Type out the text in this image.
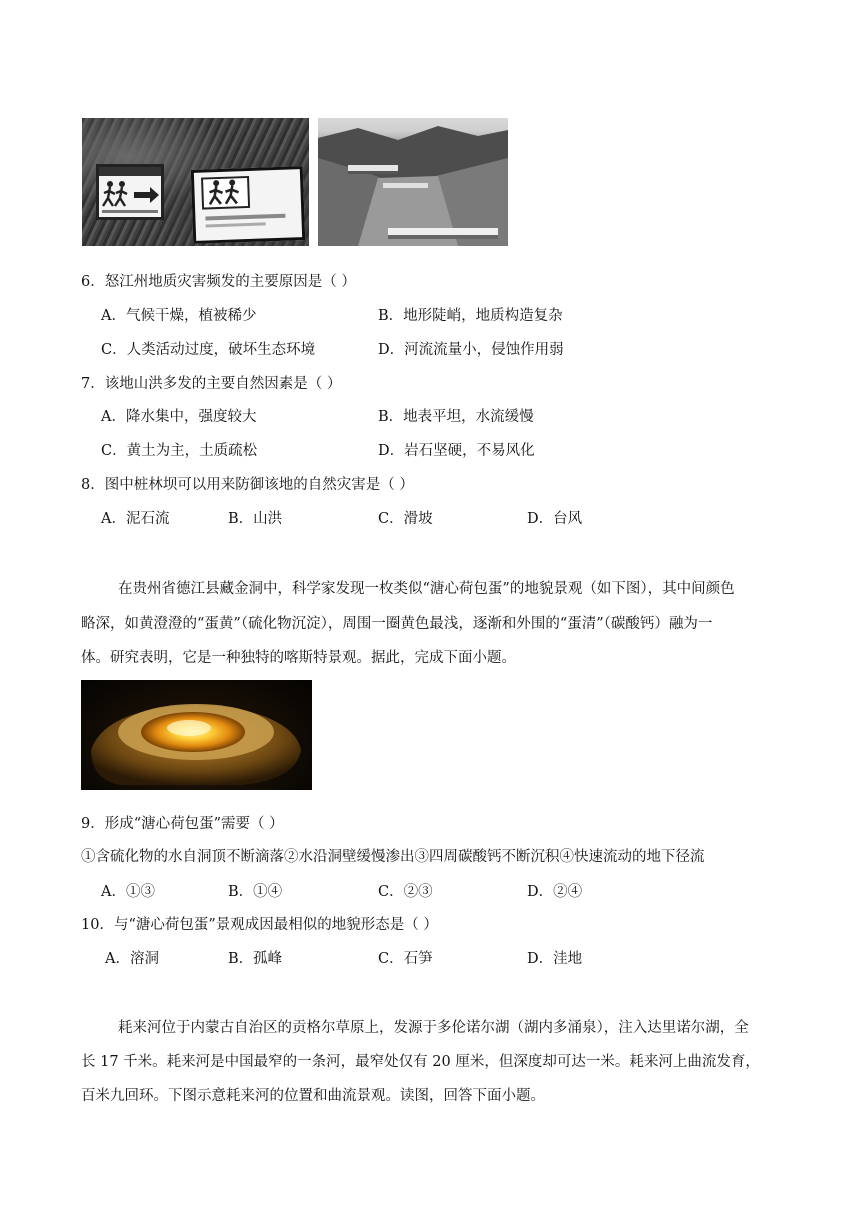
6．怒江州地质灾害频发的主要原因是（ ）
A．气候干燥，植被稀少	B．地形陡峭，地质构造复杂
C．人类活动过度，破坏生态环境	D．河流流量小，侵蚀作用弱
7．该地山洪多发的主要自然因素是（ ）
A．降水集中，强度较大	B．地表平坦，水流缓慢
C．黄土为主，土质疏松	D．岩石坚硬，不易风化
8．图中桩林坝可以用来防御该地的自然灾害是（ ）
A．泥石流	B．山洪	C．滑坡	D．台风
在贵州省德江县藏金洞中，科学家发现一枚类似“溏心荷包蛋”的地貌景观（如下图），其中间颜色
略深，如黄澄澄的“蛋黄”（硫化物沉淀），周围一圈黄色最浅，逐渐和外围的“蛋清”（碳酸钙）融为一
体。研究表明，它是一种独特的喀斯特景观。据此，完成下面小题。
9．形成“溏心荷包蛋”需要（ ）
①含硫化物的水自洞顶不断滴落②水沿洞壁缓慢渗出③四周碳酸钙不断沉积④快速流动的地下径流
A．①③	B．①④	C．②③	D．②④
10．与“溏心荷包蛋”景观成因最相似的地貌形态是（ ）
A．溶洞	B．孤峰	C．石笋	D．洼地
耗来河位于内蒙古自治区的贡格尔草原上，发源于多伦诺尔湖（湖内多涌泉），注入达里诺尔湖，全
长 17 千米。耗来河是中国最窄的一条河，最窄处仅有 20 厘米，但深度却可达一米。耗来河上曲流发育，
百米九回环。下图示意耗来河的位置和曲流景观。读图，回答下面小题。
